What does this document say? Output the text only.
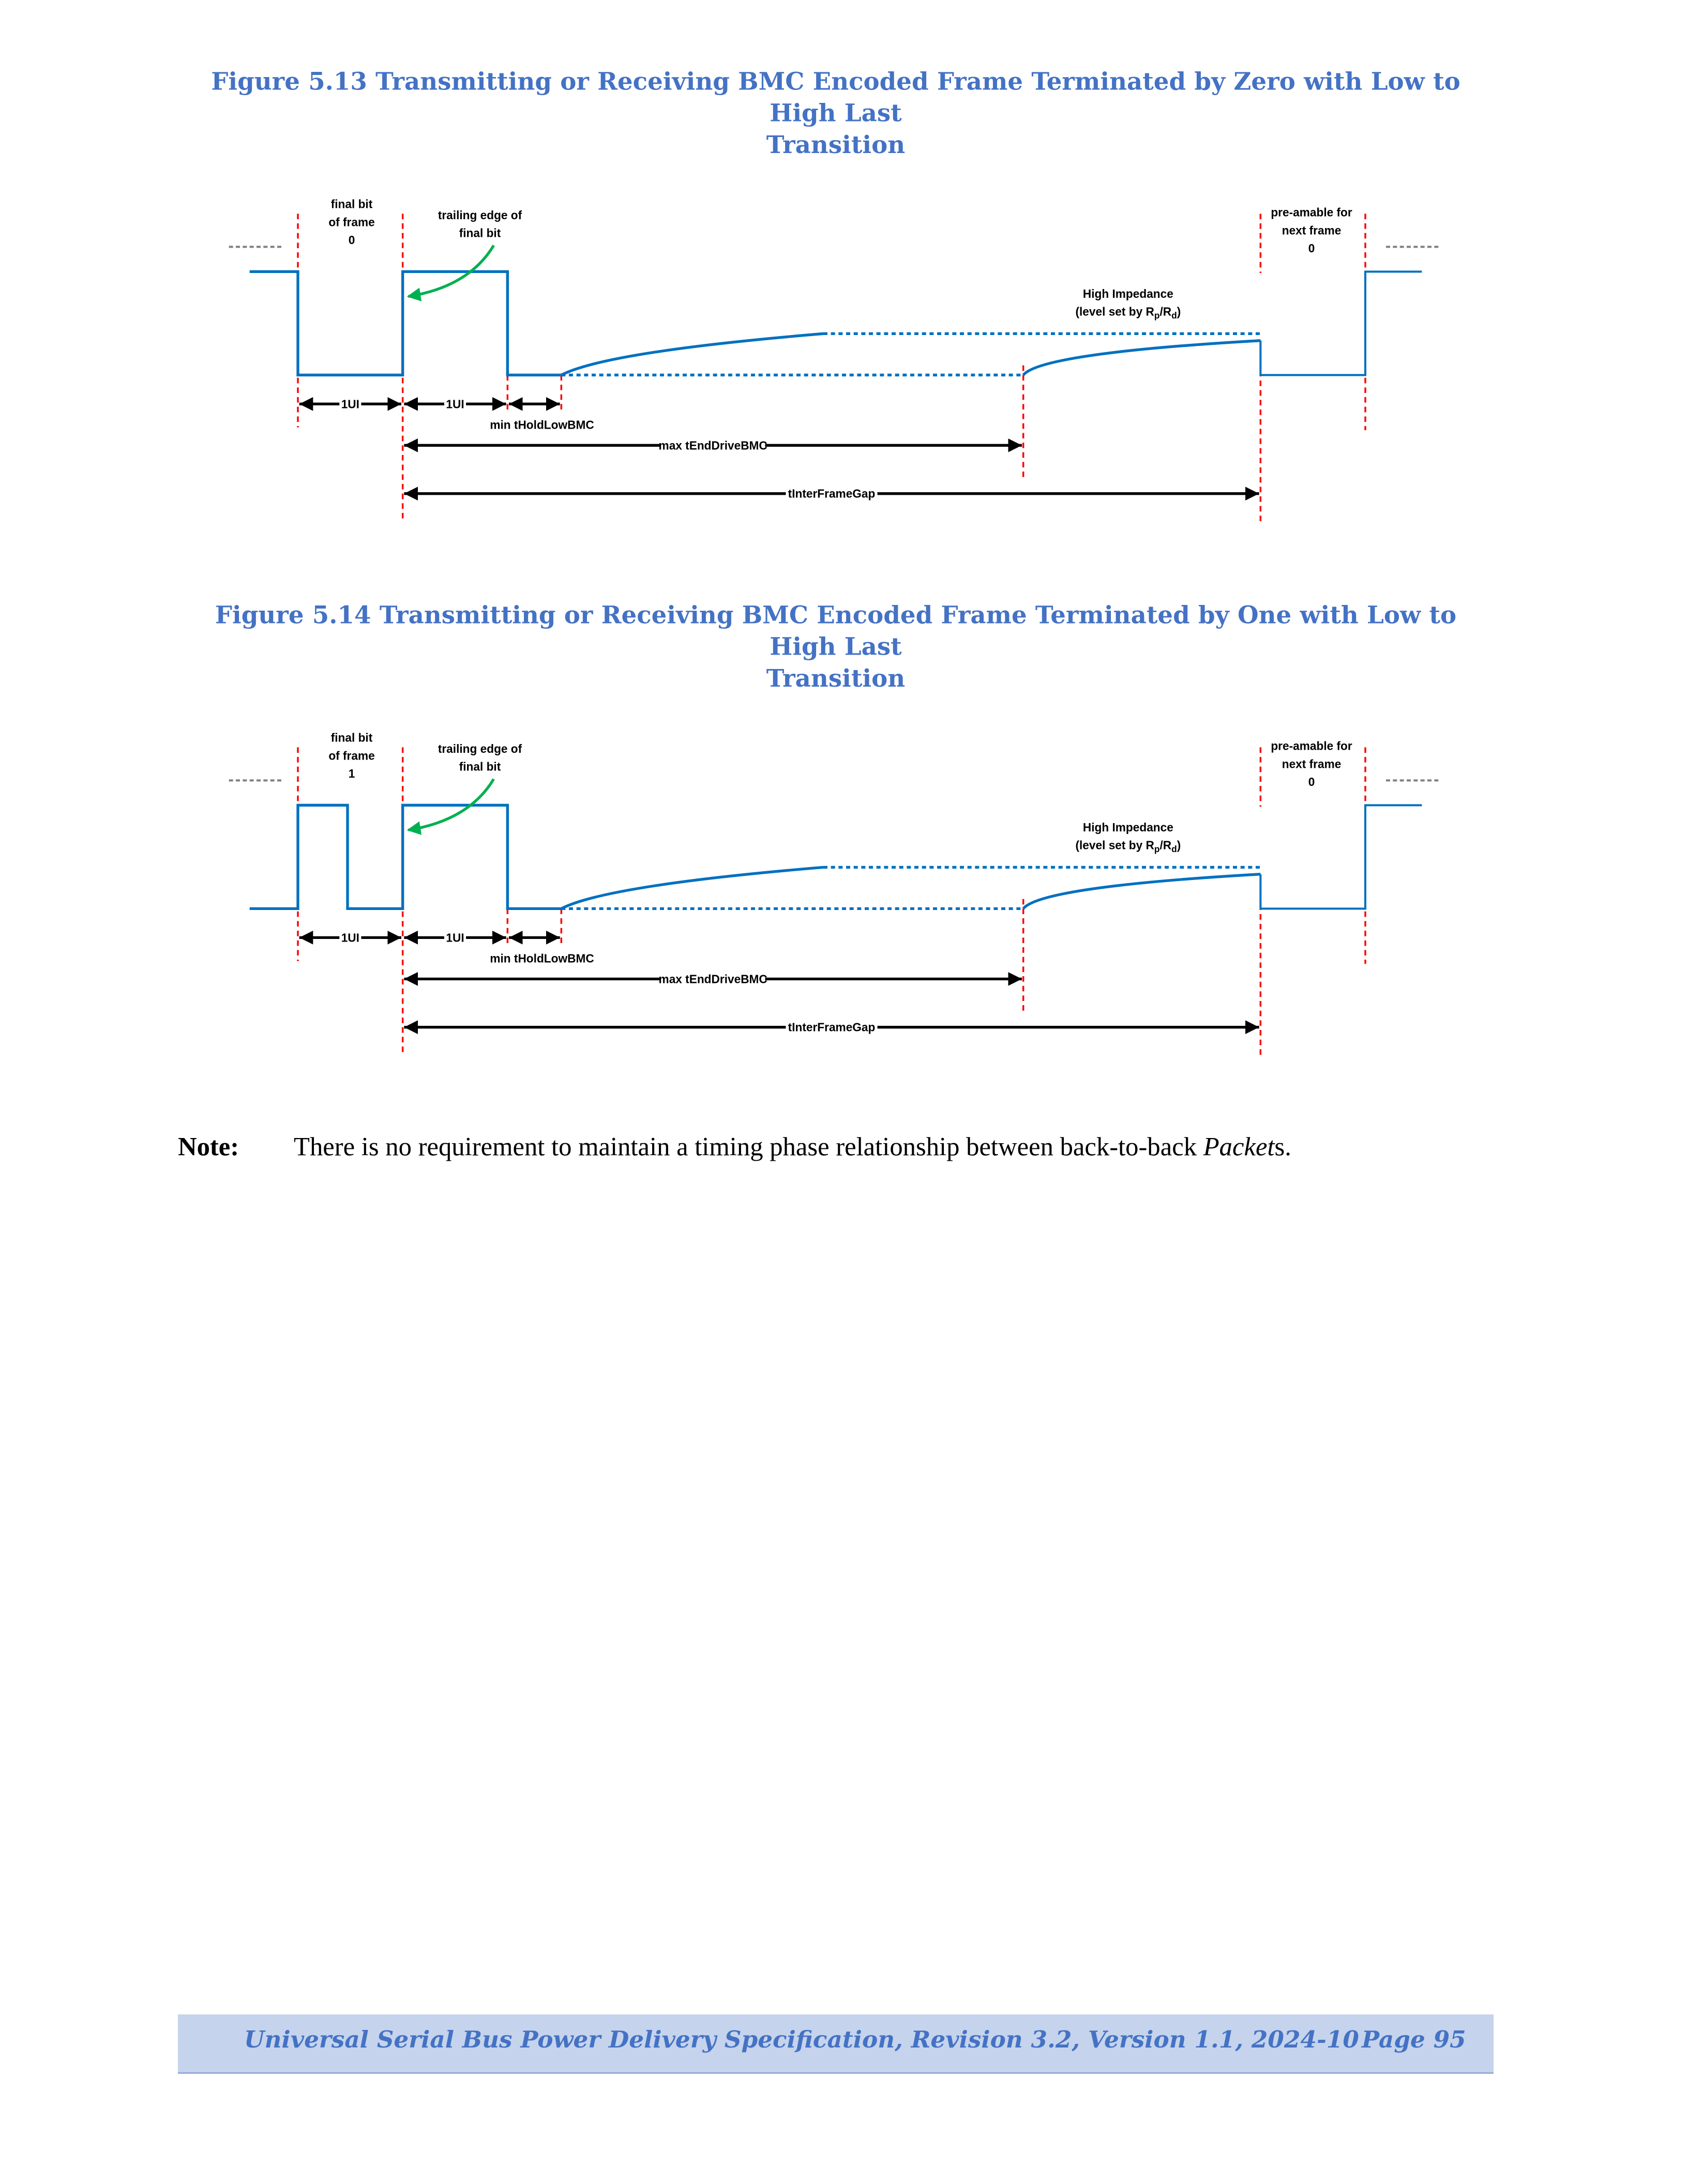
Figure 5.13 Transmitting or Receiving BMC Encoded Frame Terminated by Zero with Low to High Last
Transition
1UI	1UI
max tEndDriveBMC
tInterFrameGap
min tHoldLowBMC
final bit
of frame
0
trailing edge of
final bit
pre-amable for
next frame
0
High Impedance
(level set by $R_p/R_d$)
Figure 5.14 Transmitting or Receiving BMC Encoded Frame Terminated by One with Low to High Last
Transition
1UI	1UI
max tEndDriveBMC
tInterFrameGap
min tHoldLowBMC
final bit
of frame
1
trailing edge of
final bit
pre-amable for
next frame
0
High Impedance
(level set by $R_p/R_d$)
Note:	There is no requirement to maintain a timing phase relationship between back-to-back Packets.
Universal Serial Bus Power Delivery Specification, Revision 3.2, Version 1.1, 2024-10 Page 95
